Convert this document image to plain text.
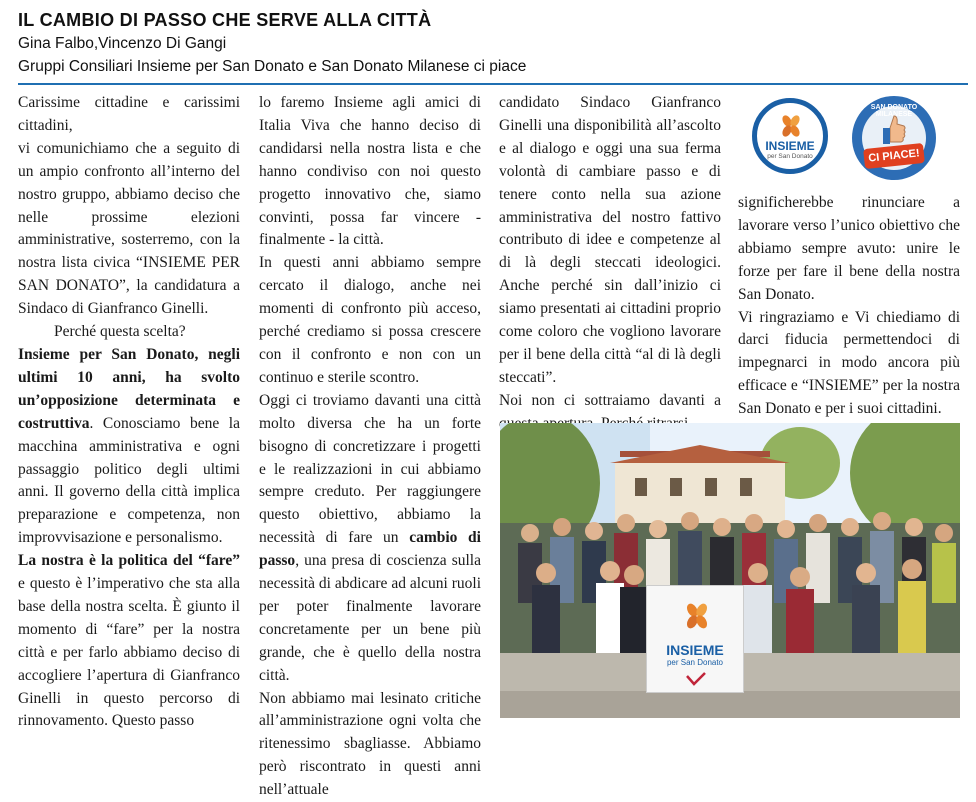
IL CAMBIO DI PASSO CHE SERVE ALLA CITTÀ
Gina Falbo,Vincenzo Di Gangi
Gruppi Consiliari Insieme per San Donato e San Donato Milanese ci piace

Carissime cittadine e carissimi cittadini,

vi comunichiamo che a seguito di un ampio confronto all’interno del nostro gruppo, abbiamo deciso che nelle prossime elezioni amministrative, sosterremo, con la nostra lista civica “INSIEME PER SAN DONATO”, la candidatura a Sindaco di Gianfranco Ginelli.

Perché questa scelta?

Insieme per San Donato, negli ultimi 10 anni, ha svolto un’opposizione determinata e costruttiva. Conosciamo bene la macchina amministrativa e ogni passaggio politico degli ultimi anni. Il governo della città implica preparazione e competenza, non improvvisazione e personalismo.

La nostra è la politica del “fare” e questo è l’imperativo che sta alla base della nostra scelta. È giunto il momento di “fare” per la nostra città e per farlo abbiamo deciso di accogliere l’apertura di Gianfranco Ginelli in questo percorso di rinnovamento. Questo passo

lo faremo Insieme agli amici di Italia Viva che hanno deciso di candidarsi nella nostra lista e che hanno condiviso con noi questo progetto innovativo che, siamo convinti, possa far vincere - finalmente - la città.

In questi anni abbiamo sempre cercato il dialogo, anche nei momenti di confronto più acceso, perché crediamo si possa crescere con il confronto e non con un continuo e sterile scontro.

Oggi ci troviamo davanti una città molto diversa che ha un forte bisogno di concretizzare i progetti e le realizzazioni in cui abbiamo sempre creduto. Per raggiungere questo obiettivo, abbiamo la necessità di fare un cambio di passo, una presa di coscienza sulla necessità di abdicare ad alcuni ruoli per poter finalmente lavorare concretamente per un bene più grande, che è quello della nostra città.

Non abbiamo mai lesinato critiche all’amministrazione ogni volta che ritenessimo sbagliasse. Abbiamo però riscontrato in questi anni nell’attuale

candidato Sindaco Gianfranco Ginelli una disponibilità all’ascolto e al dialogo e oggi una sua ferma volontà di cambiare passo e di tenere conto nella sua azione amministrativa del nostro fattivo contributo di idee e competenze al di là degli steccati ideologici. Anche perché sin dall’inizio ci siamo presentati ai cittadini proprio come coloro che vogliono lavorare per il bene della città “al di là degli steccati”.

Noi non ci sottraiamo davanti a

INSIEME
per San Donato
SAN DONATO MILANESE
CI PIACE!

significherebbe rinunciare a lavorare verso l’unico obiettivo che abbiamo sempre avuto: unire le forze per fare il bene della nostra San Donato.

Vi ringraziamo e Vi chiediamo di darci fiducia permettendoci di impegnarci in modo ancora più efficace e “INSIEME” per la nostra San Donato e per i suoi cittadini.

INSIEME
per San Donato
